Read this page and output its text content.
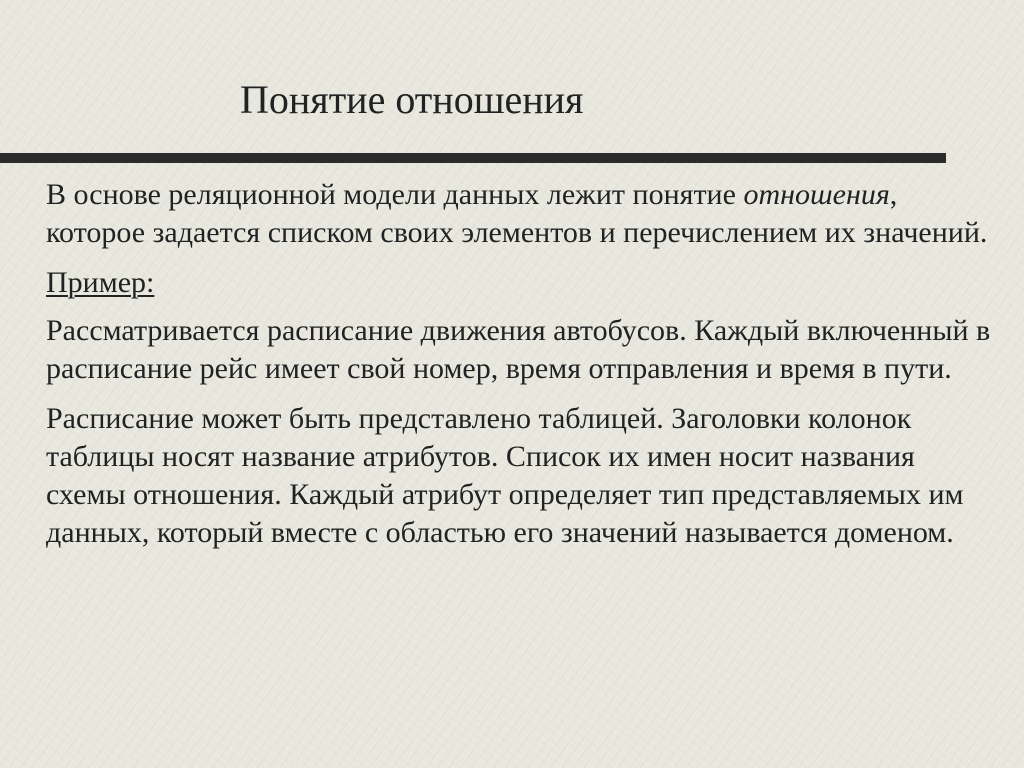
Понятие отношения

В основе реляционной модели данных лежит понятие отношения, которое задается списком своих элементов и перечислением их значений.

Пример:

Рассматривается расписание движения автобусов. Каждый включенный в расписание рейс имеет свой номер, время отправления и время в пути.

Расписание может быть представлено таблицей. Заголовки колонок таблицы носят название атрибутов. Список их имен носит названия схемы отношения. Каждый атрибут определяет тип представляемых им данных, который вместе с областью его значений называется доменом.
